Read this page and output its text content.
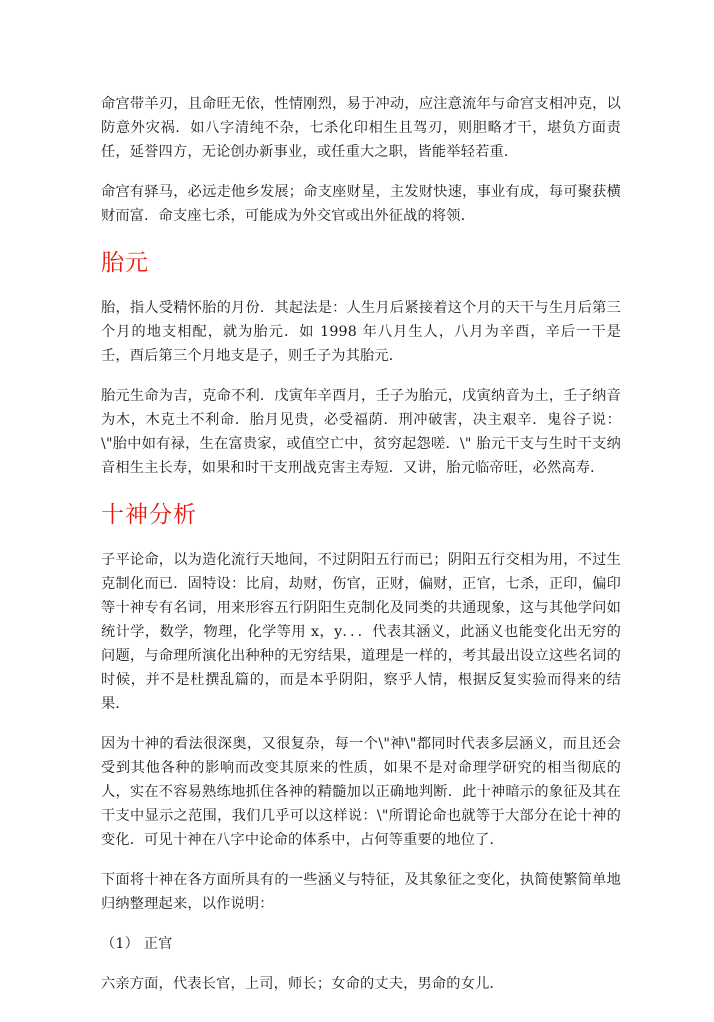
命宫带羊刃，且命旺无依，性情刚烈，易于冲动，应注意流年与命宫支相冲克，以防意外灾祸．如八字清纯不杂，七杀化印相生且驾刃，则胆略才干，堪负方面责任，延誉四方，无论创办新事业，或任重大之职，皆能举轻若重．

命宫有驿马，必远走他乡发展；命支座财星，主发财快速，事业有成，每可聚获横财而富．命支座七杀，可能成为外交官或出外征战的将领．

胎元

胎，指人受精怀胎的月份．其起法是：人生月后紧接着这个月的天干与生月后第三个月的地支相配，就为胎元．如 1998 年八月生人，八月为辛酉，辛后一干是壬，酉后第三个月地支是子，则壬子为其胎元．

胎元生命为吉，克命不利．戊寅年辛酉月，壬子为胎元，戊寅纳音为土，壬子纳音为木，木克土不利命．胎月见贵，必受福荫．刑冲破害，决主艰辛．鬼谷子说：\"胎中如有禄，生在富贵家，或值空亡中，贫穷起怨嗟．\" 胎元干支与生时干支纳音相生主长寿，如果和时干支刑战克害主寿短．又讲，胎元临帝旺，必然高寿．

十神分析

子平论命，以为造化流行天地间，不过阴阳五行而已；阴阳五行交相为用，不过生克制化而已．固特设：比肩，劫财，伤官，正财，偏财，正官，七杀，正印，偏印等十神专有名词，用来形容五行阴阳生克制化及同类的共通现象，这与其他学问如统计学，数学，物理，化学等用 x，y．．．代表其涵义，此涵义也能变化出无穷的问题，与命理所演化出种种的无穷结果，道理是一样的，考其最出设立这些名词的时候，并不是杜撰乱篇的，而是本乎阴阳，察乎人情，根据反复实验而得来的结果．

因为十神的看法很深奥，又很复杂，每一个\"神\"都同时代表多层涵义，而且还会受到其他各种的影响而改变其原来的性质，如果不是对命理学研究的相当彻底的人，实在不容易熟练地抓住各神的精髓加以正确地判断．此十神暗示的象征及其在干支中显示之范围，我们几乎可以这样说：\"所谓论命也就等于大部分在论十神的变化．可见十神在八字中论命的体系中，占何等重要的地位了．

下面将十神在各方面所具有的一些涵义与特征，及其象征之变化，执简使繁简单地归纳整理起来，以作说明：

（1） 正官

六亲方面，代表长官，上司，师长；女命的丈夫，男命的女儿．
